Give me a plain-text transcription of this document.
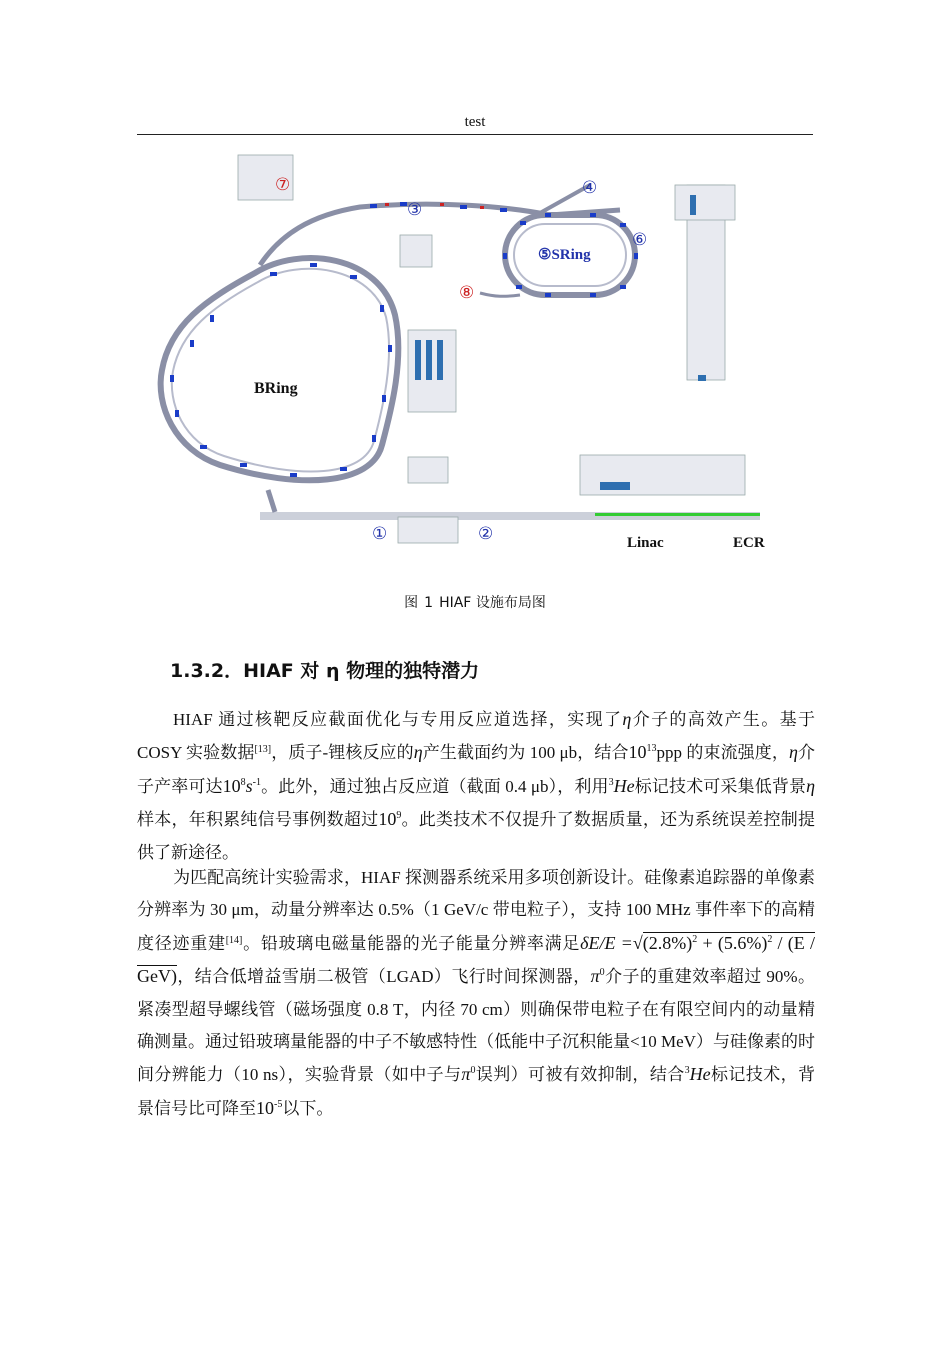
test
BRing
⑤SRing
Linac	ECR
①	②
③
④
⑥
⑦
⑧
图 1 HIAF 设施布局图
1.3.2．HIAF 对 η 物理的独特潜力
HIAF 通过核靶反应截面优化与专用反应道选择，实现了η介子的高效产生。基于 COSY 实验数据[13]，质子-锂核反应的η产生截面约为 100 μb，结合$10^{13}ppp$ 的束流强度，η介子产率可达$10^8s^{-1}$。此外，通过独占反应道（截面 0.4 μb），利用$^3$He标记技术可采集低背景η样本，年积累纯信号事例数超过$10^9$。此类技术不仅提升了数据质量，还为系统误差控制提供了新途径。
为匹配高统计实验需求，HIAF 探测器系统采用多项创新设计。硅像素追踪器的单像素分辨率为 30 μm，动量分辨率达 0.5%（1 GeV/c 带电粒子），支持 100 MHz 事件率下的高精度径迹重建[14]。铅玻璃电磁量能器的光子能量分辨率满足$\delta E/E =√(2.8\%)^2 + (5.6\%)^2 / (E / GeV)$，结合低增益雪崩二极管（LGAD）飞行时间探测器，$\pi^0$介子的重建效率超过 90%。紧凑型超导螺线管（磁场强度 0.8 T，内径 70 cm）则确保带电粒子在有限空间内的动量精确测量。通过铅玻璃量能器的中子不敏感特性（低能中子沉积能量<10 MeV）与硅像素的时间分辨能力（10 ns），实验背景（如中子与$\pi^0$误判）可被有效抑制，结合$^3$He标记技术，背景信号比可降至$10^{-5}$以下。
